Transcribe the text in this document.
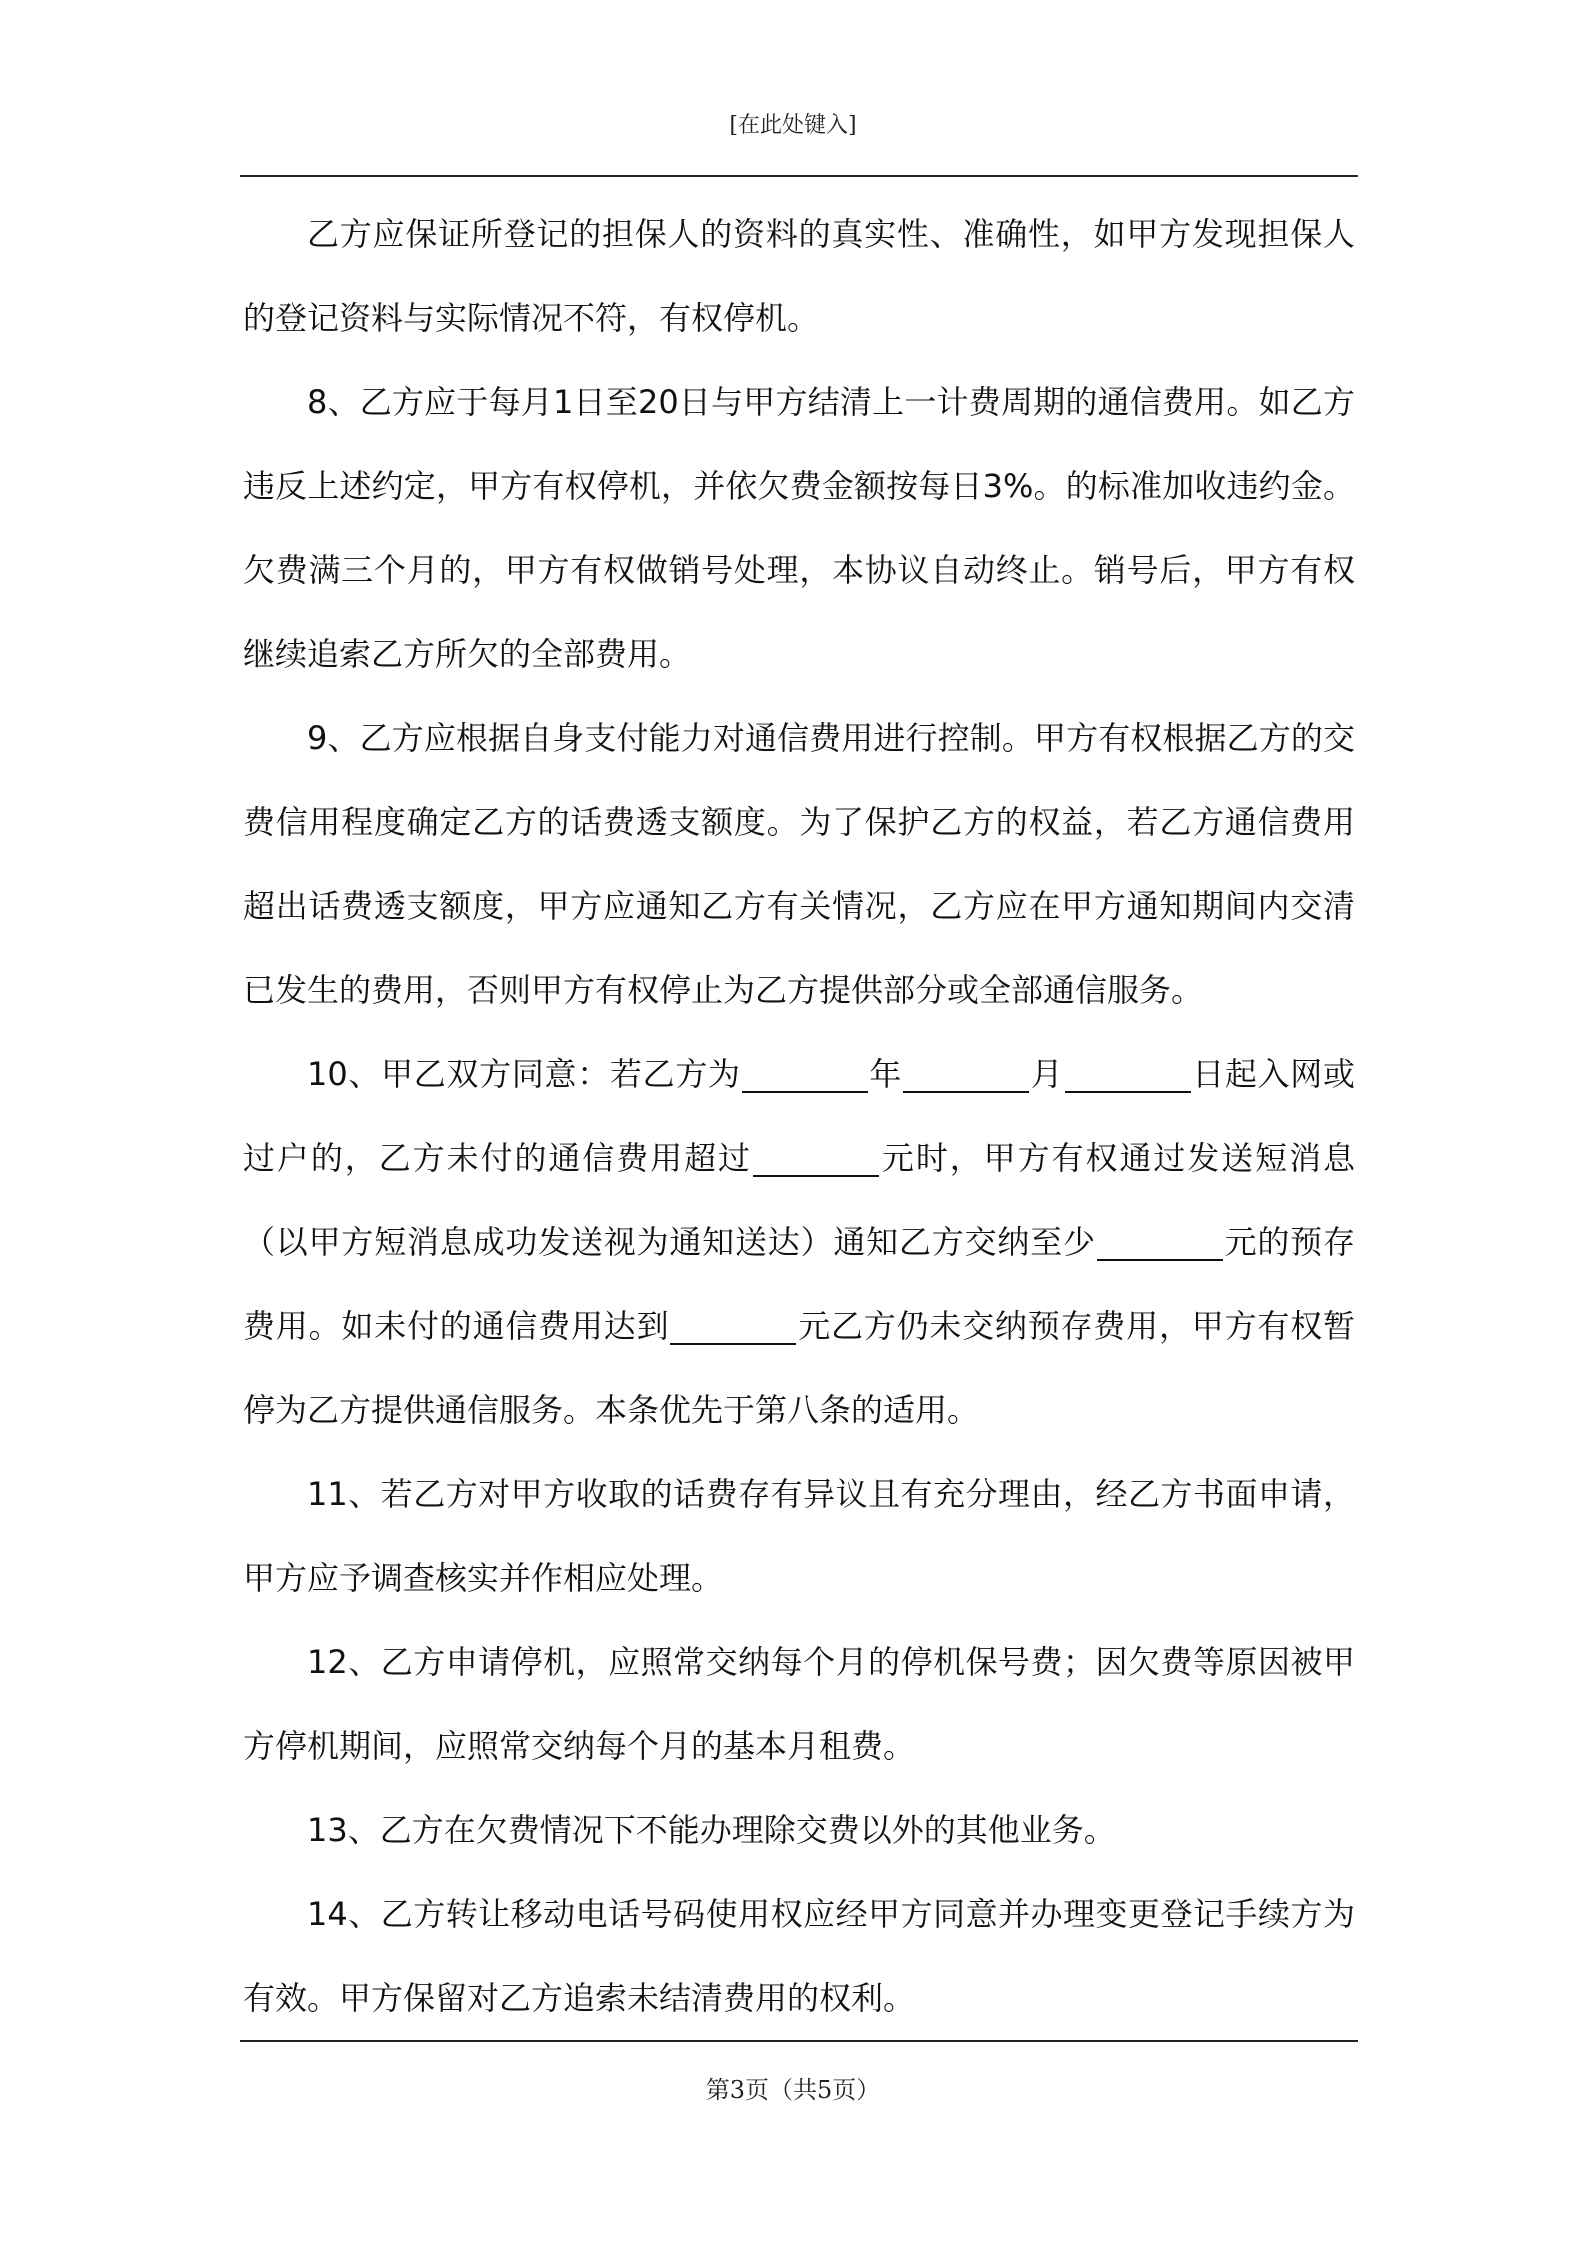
[在此处键入]

乙方应保证所登记的担保人的资料的真实性、准确性，如甲方发现担保人的登记资料与实际情况不符，有权停机。

8、乙方应于每月1日至20日与甲方结清上一计费周期的通信费用。如乙方违反上述约定，甲方有权停机，并依欠费金额按每日3%。的标准加收违约金。欠费满三个月的，甲方有权做销号处理，本协议自动终止。销号后，甲方有权继续追索乙方所欠的全部费用。

9、乙方应根据自身支付能力对通信费用进行控制。甲方有权根据乙方的交费信用程度确定乙方的话费透支额度。为了保护乙方的权益，若乙方通信费用超出话费透支额度，甲方应通知乙方有关情况，乙方应在甲方通知期间内交清已发生的费用，否则甲方有权停止为乙方提供部分或全部通信服务。

10、甲乙双方同意：若乙方为	年	月	日起入网或过户的，乙方未付的通信费用超过	元时，甲方有权通过发送短消息（以甲方短消息成功发送视为通知送达）通知乙方交纳至少	元的预存费用。如未付的通信费用达到	元乙方仍未交纳预存费用，甲方有权暂停为乙方提供通信服务。本条优先于第八条的适用。

11、若乙方对甲方收取的话费存有异议且有充分理由，经乙方书面申请，甲方应予调查核实并作相应处理。

12、乙方申请停机，应照常交纳每个月的停机保号费；因欠费等原因被甲方停机期间，应照常交纳每个月的基本月租费。

13、乙方在欠费情况下不能办理除交费以外的其他业务。

14、乙方转让移动电话号码使用权应经甲方同意并办理变更登记手续方为有效。甲方保留对乙方追索未结清费用的权利。

第3页（共5页）
